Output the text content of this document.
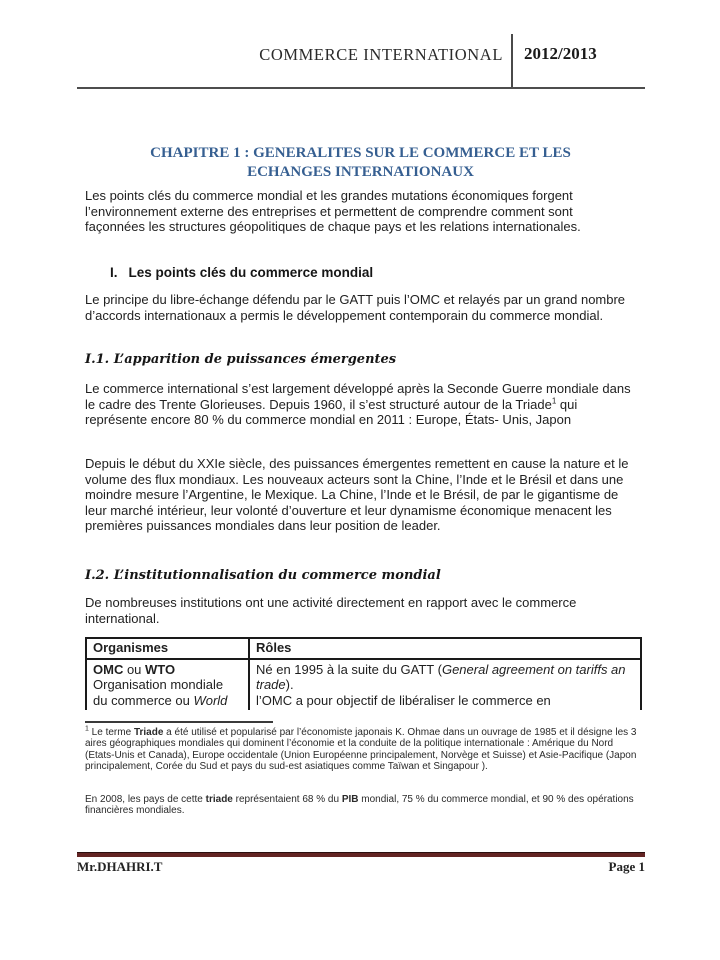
COMMERCE INTERNATIONAL 2012/2013
CHAPITRE 1 : GENERALITES SUR LE COMMERCE ET LES ECHANGES INTERNATIONAUX

Les points clés du commerce mondial et les grandes mutations économiques forgent l’environnement externe des entreprises et permettent de comprendre comment sont façonnées les structures géopolitiques de chaque pays et les relations internationales.

I. Les points clés du commerce mondial

Le principe du libre-échange défendu par le GATT puis l’OMC et relayés par un grand nombre d’accords internationaux a permis le développement contemporain du commerce mondial.

I.1. L’apparition de puissances émergentes

Le commerce international s’est largement développé après la Seconde Guerre mondiale dans le cadre des Trente Glorieuses. Depuis 1960, il s’est structuré autour de la Triade$^1$ qui représente encore 80 % du commerce mondial en 2011 : Europe, États- Unis, Japon

Depuis le début du XXIe siècle, des puissances émergentes remettent en cause la nature et le volume des flux mondiaux. Les nouveaux acteurs sont la Chine, l’Inde et le Brésil et dans une moindre mesure l’Argentine, le Mexique. La Chine, l’Inde et le Brésil, de par le gigantisme de leur marché intérieur, leur volonté d’ouverture et leur dynamisme économique menacent les premières puissances mondiales dans leur position de leader.

I.2. L’institutionnalisation du commerce mondial

De nombreuses institutions ont une activité directement en rapport avec le commerce international.

Organismes	Rôles
OMC ou WTO
Organisation mondiale
du commerce ou World
Né en 1995 à la suite du GATT (General agreement on tariffs an trade).
l’OMC a pour objectif de libéraliser le commerce en

$^1$ Le terme Triade a été utilisé et popularisé par l’économiste japonais K. Ohmae dans un ouvrage de 1985 et il désigne les 3 aires géographiques mondiales qui dominent l’économie et la conduite de la politique internationale : Amérique du Nord (Etats-Unis et Canada), Europe occidentale (Union Européenne principalement, Norvège et Suisse) et Asie-Pacifique (Japon principalement, Corée du Sud et pays du sud-est asiatiques comme Taïwan et Singapour ).

En 2008, les pays de cette triade représentaient 68 % du PIB mondial, 75 % du commerce mondial, et 90 % des opérations financières mondiales.

Mr.DHAHRI.T	Page 1
